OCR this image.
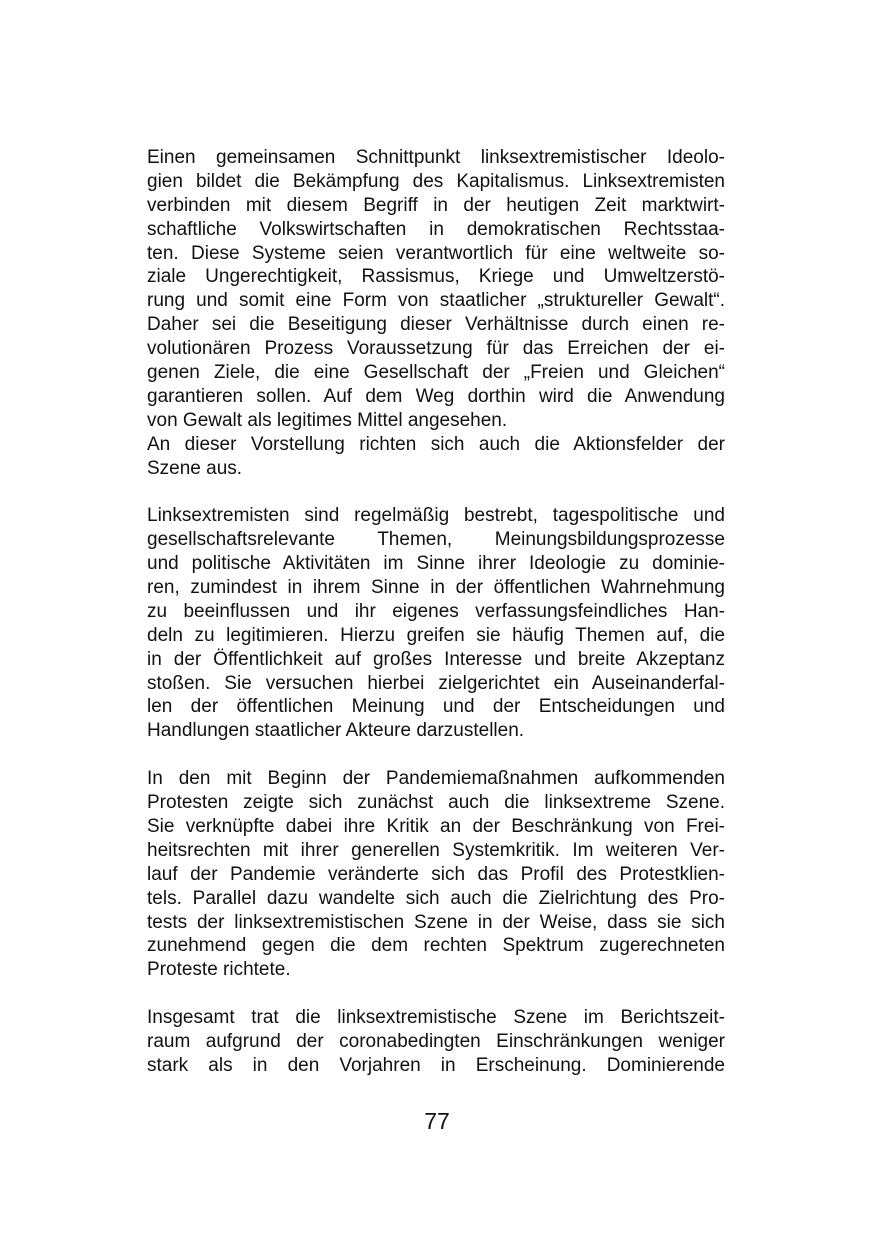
Einen gemeinsamen Schnittpunkt linksextremistischer Ideolo-
gien bildet die Bekämpfung des Kapitalismus. Linksextremisten
verbinden mit diesem Begriff in der heutigen Zeit marktwirt-
schaftliche Volkswirtschaften in demokratischen Rechtsstaa-
ten. Diese Systeme seien verantwortlich für eine weltweite so-
ziale Ungerechtigkeit, Rassismus, Kriege und Umweltzerstö-
rung und somit eine Form von staatlicher „struktureller Gewalt“.
Daher sei die Beseitigung dieser Verhältnisse durch einen re-
volutionären Prozess Voraussetzung für das Erreichen der ei-
genen Ziele, die eine Gesellschaft der „Freien und Gleichen“
garantieren sollen. Auf dem Weg dorthin wird die Anwendung
von Gewalt als legitimes Mittel angesehen.

An dieser Vorstellung richten sich auch die Aktionsfelder der
Szene aus.

Linksextremisten sind regelmäßig bestrebt, tagespolitische und
gesellschaftsrelevante Themen, Meinungsbildungsprozesse
und politische Aktivitäten im Sinne ihrer Ideologie zu dominie-
ren, zumindest in ihrem Sinne in der öffentlichen Wahrnehmung
zu beeinflussen und ihr eigenes verfassungsfeindliches Han-
deln zu legitimieren. Hierzu greifen sie häufig Themen auf, die
in der Öffentlichkeit auf großes Interesse und breite Akzeptanz
stoßen. Sie versuchen hierbei zielgerichtet ein Auseinanderfal-
len der öffentlichen Meinung und der Entscheidungen und
Handlungen staatlicher Akteure darzustellen.

In den mit Beginn der Pandemiemaßnahmen aufkommenden
Protesten zeigte sich zunächst auch die linksextreme Szene.
Sie verknüpfte dabei ihre Kritik an der Beschränkung von Frei-
heitsrechten mit ihrer generellen Systemkritik. Im weiteren Ver-
lauf der Pandemie veränderte sich das Profil des Protestklien-
tels. Parallel dazu wandelte sich auch die Zielrichtung des Pro-
tests der linksextremistischen Szene in der Weise, dass sie sich
zunehmend gegen die dem rechten Spektrum zugerechneten
Proteste richtete.

Insgesamt trat die linksextremistische Szene im Berichtszeit-
raum aufgrund der coronabedingten Einschränkungen weniger
stark als in den Vorjahren in Erscheinung. Dominierende

77
